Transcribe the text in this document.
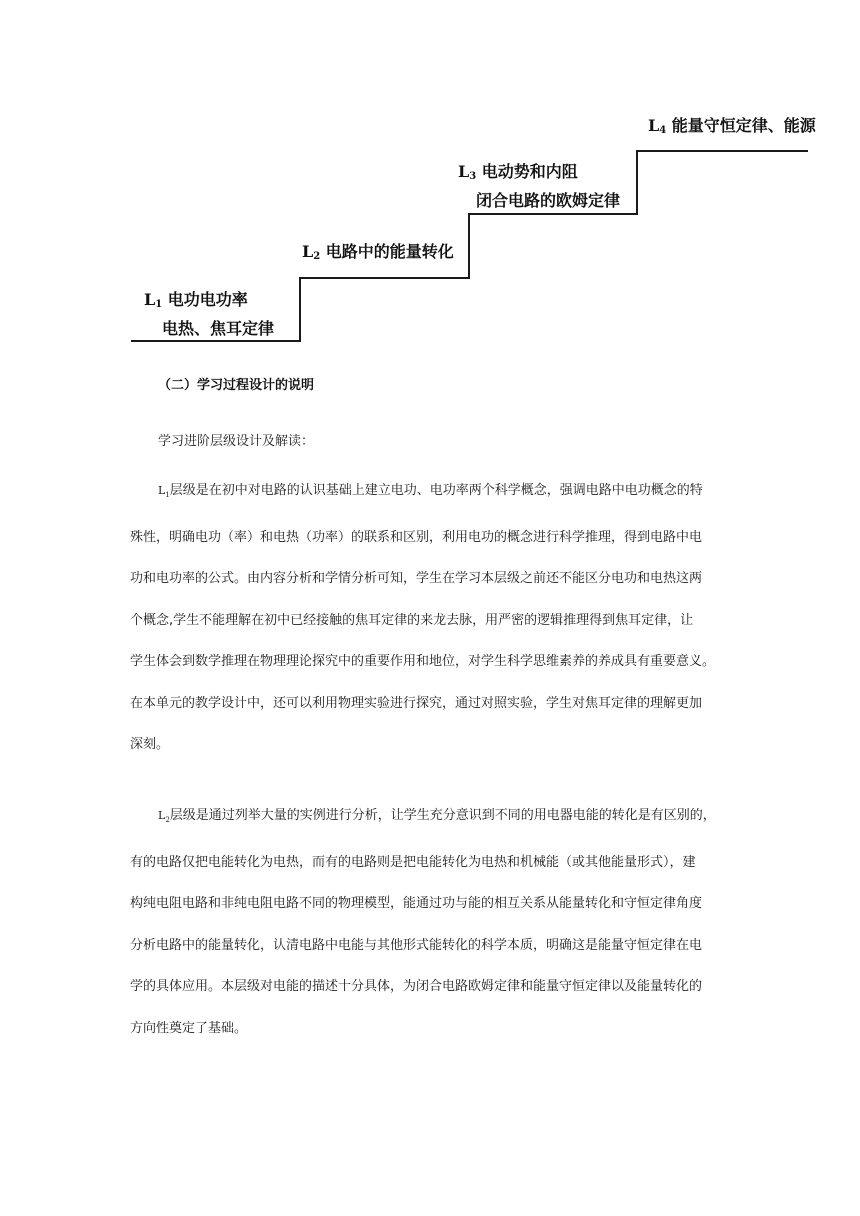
$L_1$ 电功电功率
电热、焦耳定律
$L_2$ 电路中的能量转化
$L_3$ 电动势和内阻
闭合电路的欧姆定律
$L_4$ 能量守恒定律、能源
（二）学习过程设计的说明
学习进阶层级设计及解读：
$L_1$层级是在初中对电路的认识基础上建立电功、电功率两个科学概念，强调电路中电功概念的特
殊性，明确电功（率）和电热（功率）的联系和区别，利用电功的概念进行科学推理，得到电路中电
功和电功率的公式。由内容分析和学情分析可知，学生在学习本层级之前还不能区分电功和电热这两
个概念,学生不能理解在初中已经接触的焦耳定律的来龙去脉，用严密的逻辑推理得到焦耳定律，让
学生体会到数学推理在物理理论探究中的重要作用和地位，对学生科学思维素养的养成具有重要意义。
在本单元的教学设计中，还可以利用物理实验进行探究，通过对照实验，学生对焦耳定律的理解更加
深刻。
$L_2$层级是通过列举大量的实例进行分析，让学生充分意识到不同的用电器电能的转化是有区别的，
有的电路仅把电能转化为电热，而有的电路则是把电能转化为电热和机械能（或其他能量形式），建
构纯电阻电路和非纯电阻电路不同的物理模型，能通过功与能的相互关系从能量转化和守恒定律角度
分析电路中的能量转化，认清电路中电能与其他形式能转化的科学本质，明确这是能量守恒定律在电
学的具体应用。本层级对电能的描述十分具体，为闭合电路欧姆定律和能量守恒定律以及能量转化的
方向性奠定了基础。
